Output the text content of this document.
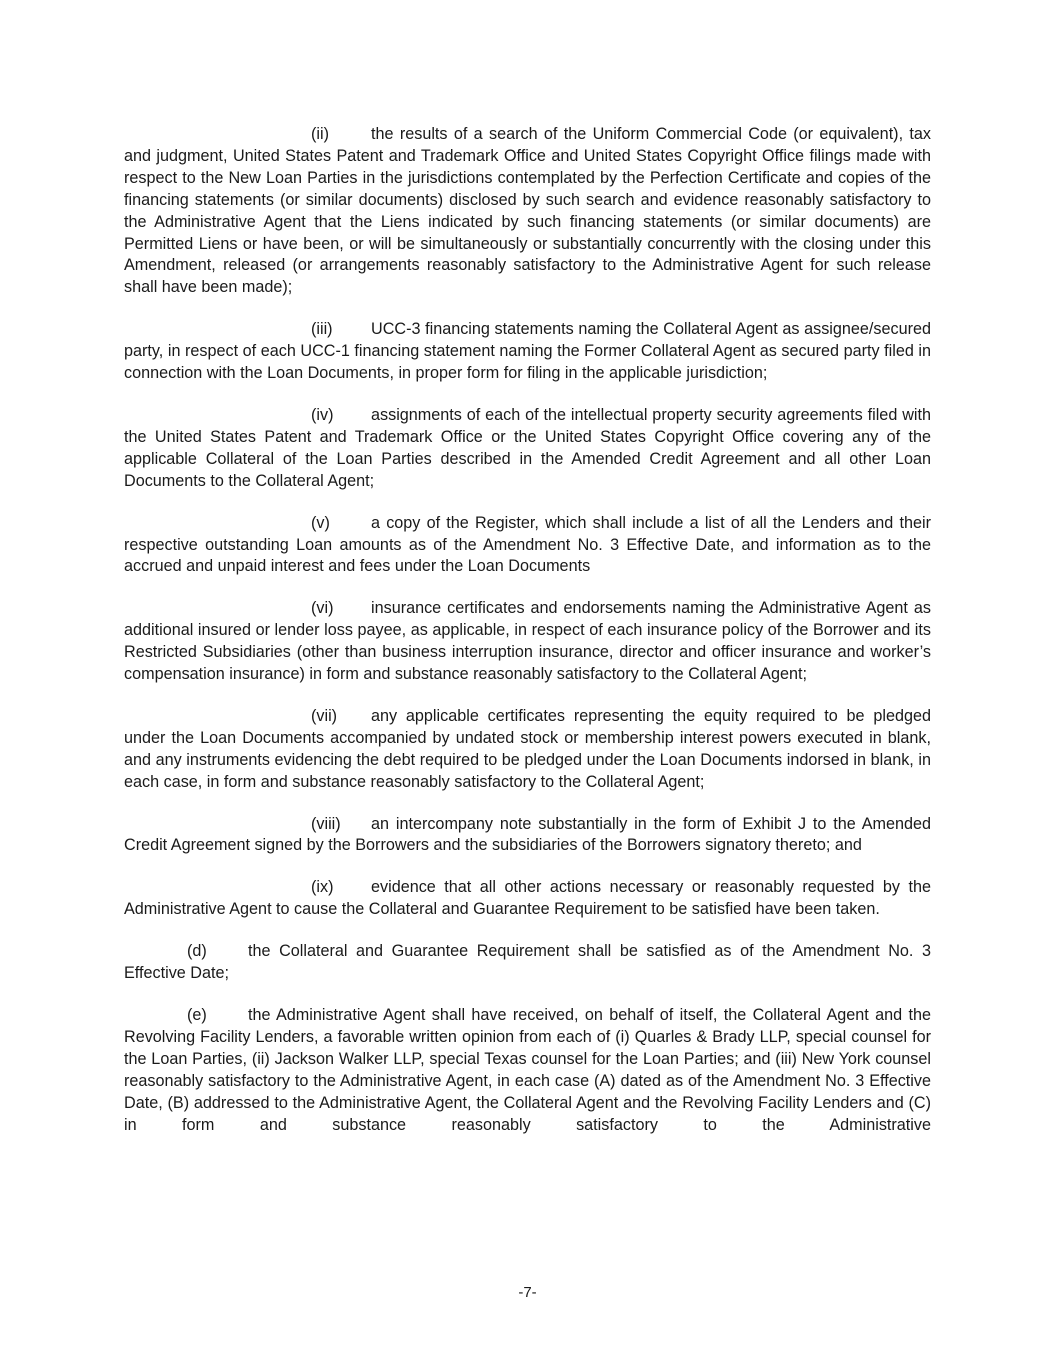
(ii)	the results of a search of the Uniform Commercial Code (or equivalent), tax and judgment, United States Patent and Trademark Office and United States Copyright Office filings made with respect to the New Loan Parties in the jurisdictions contemplated by the Perfection Certificate and copies of the financing statements (or similar documents) disclosed by such search and evidence reasonably satisfactory to the Administrative Agent that the Liens indicated by such financing statements (or similar documents) are Permitted Liens or have been, or will be simultaneously or substantially concurrently with the closing under this Amendment, released (or arrangements reasonably satisfactory to the Administrative Agent for such release shall have been made);

(iii) UCC-3 financing statements naming the Collateral Agent as assignee/secured party, in respect of each UCC-1 financing statement naming the Former Collateral Agent as secured party filed in connection with the Loan Documents, in proper form for filing in the applicable jurisdiction;

(iv) assignments of each of the intellectual property security agreements filed with the United States Patent and Trademark Office or the United States Copyright Office covering any of the applicable Collateral of the Loan Parties described in the Amended Credit Agreement and all other Loan Documents to the Collateral Agent;

(v)	a copy of the Register, which shall include a list of all the Lenders and their respective outstanding Loan amounts as of the Amendment No. 3 Effective Date, and information as to the accrued and unpaid interest and fees under the Loan Documents

(vi) insurance certificates and endorsements naming the Administrative Agent as additional insured or lender loss payee, as applicable, in respect of each insurance policy of the Borrower and its Restricted Subsidiaries (other than business interruption insurance, director and officer insurance and worker’s compensation insurance) in form and substance reasonably satisfactory to the Collateral Agent;

(vii) any applicable certificates representing the equity required to be pledged under the Loan Documents accompanied by undated stock or membership interest powers executed in blank, and any instruments evidencing the debt required to be pledged under the Loan Documents indorsed in blank, in each case, in form and substance reasonably satisfactory to the Collateral Agent;

(viii) an intercompany note substantially in the form of Exhibit J to the Amended Credit Agreement signed by the Borrowers and the subsidiaries of the Borrowers signatory thereto; and

(ix) evidence that all other actions necessary or reasonably requested by the Administrative Agent to cause the Collateral and Guarantee Requirement to be satisfied have been taken.

(d)	the Collateral and Guarantee Requirement shall be satisfied as of the Amendment No. 3 Effective Date;

(e)	the Administrative Agent shall have received, on behalf of itself, the Collateral Agent and the Revolving Facility Lenders, a favorable written opinion from each of (i) Quarles & Brady LLP, special counsel for the Loan Parties, (ii) Jackson Walker LLP, special Texas counsel for the Loan Parties; and (iii) New York counsel reasonably satisfactory to the Administrative Agent, in each case (A) dated as of the Amendment No. 3 Effective Date, (B) addressed to the Administrative Agent, the Collateral Agent and the Revolving Facility Lenders and (C) in form and substance reasonably satisfactory to the Administrative

-7-
